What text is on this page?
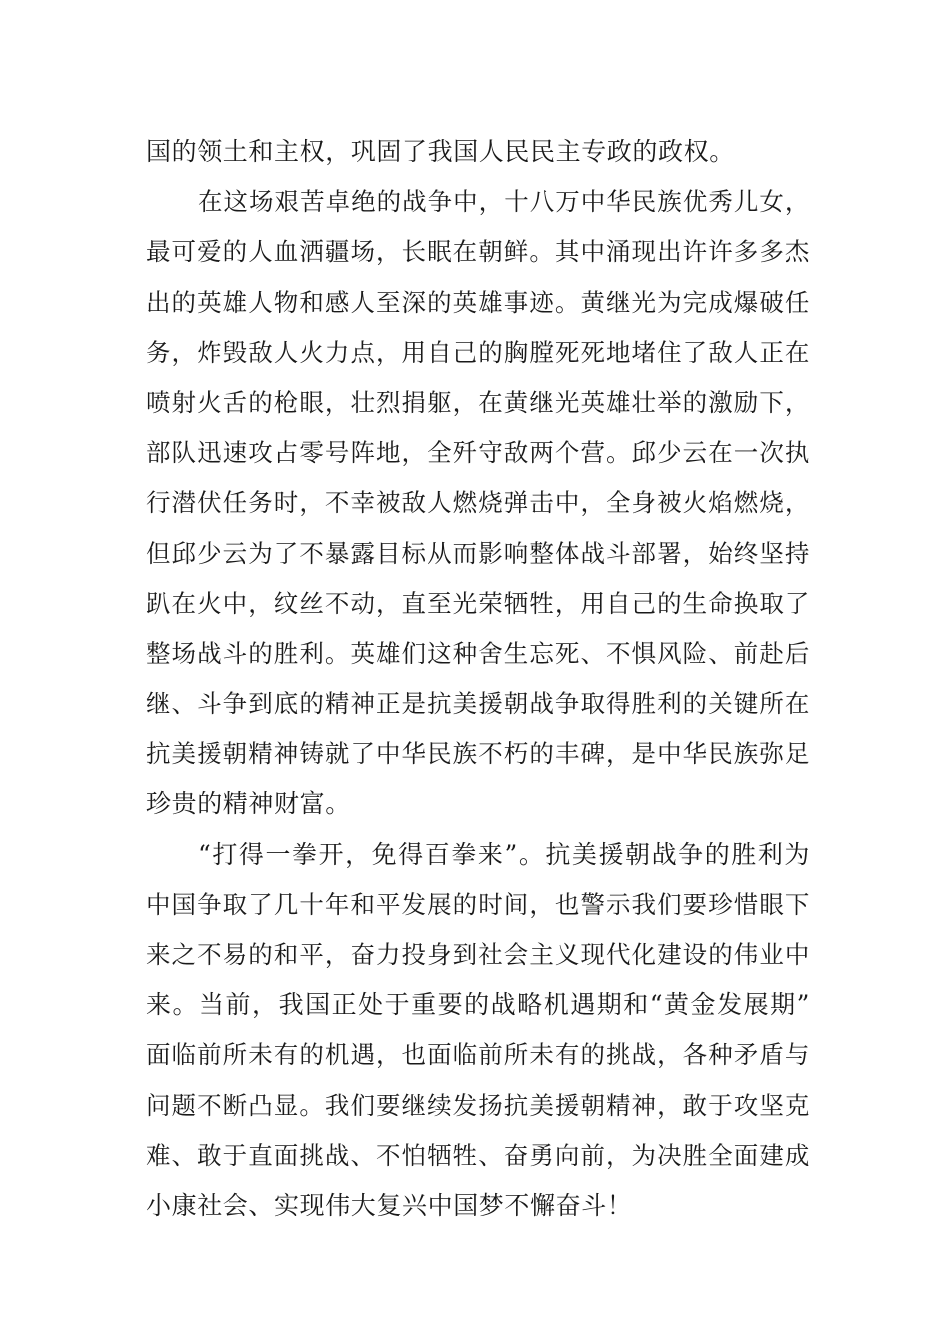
国的领土和主权，巩固了我国人民民主专政的政权。
在这场艰苦卓绝的战争中，十八万中华民族优秀儿女，
最可爱的人血洒疆场，长眠在朝鲜。其中涌现出许许多多杰
出的英雄人物和感人至深的英雄事迹。黄继光为完成爆破任
务，炸毁敌人火力点，用自己的胸膛死死地堵住了敌人正在
喷射火舌的枪眼，壮烈捐躯，在黄继光英雄壮举的激励下，
部队迅速攻占零号阵地，全歼守敌两个营。邱少云在一次执
行潜伏任务时，不幸被敌人燃烧弹击中，全身被火焰燃烧，
但邱少云为了不暴露目标从而影响整体战斗部署，始终坚持
趴在火中，纹丝不动，直至光荣牺牲，用自己的生命换取了
整场战斗的胜利。英雄们这种舍生忘死、不惧风险、前赴后
继、斗争到底的精神正是抗美援朝战争取得胜利的关键所在
抗美援朝精神铸就了中华民族不朽的丰碑，是中华民族弥足
珍贵的精神财富。
“打得一拳开，免得百拳来”。抗美援朝战争的胜利为
中国争取了几十年和平发展的时间，也警示我们要珍惜眼下
来之不易的和平，奋力投身到社会主义现代化建设的伟业中
来。当前，我国正处于重要的战略机遇期和“黄金发展期”
面临前所未有的机遇，也面临前所未有的挑战，各种矛盾与
问题不断凸显。我们要继续发扬抗美援朝精神，敢于攻坚克
难、敢于直面挑战、不怕牺牲、奋勇向前，为决胜全面建成
小康社会、实现伟大复兴中国梦不懈奋斗！
